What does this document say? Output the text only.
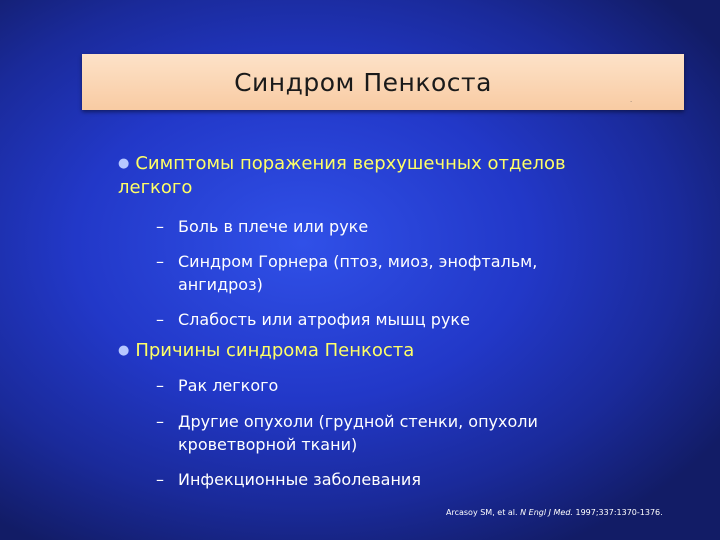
Синдром Пенкоста
.
● Симптомы поражения верхушечных отделов
легкого
– Боль в плече или руке
– Синдром Горнера (птоз, миоз, энофтальм,
ангидроз)
– Слабость или атрофия мышц руке
● Причины синдрома Пенкоста
– Рак легкого
– Другие опухоли (грудной стенки, опухоли
кроветворной ткани)
– Инфекционные заболевания
Arcasoy SM, et al. N Engl J Med. 1997;337:1370-1376.
